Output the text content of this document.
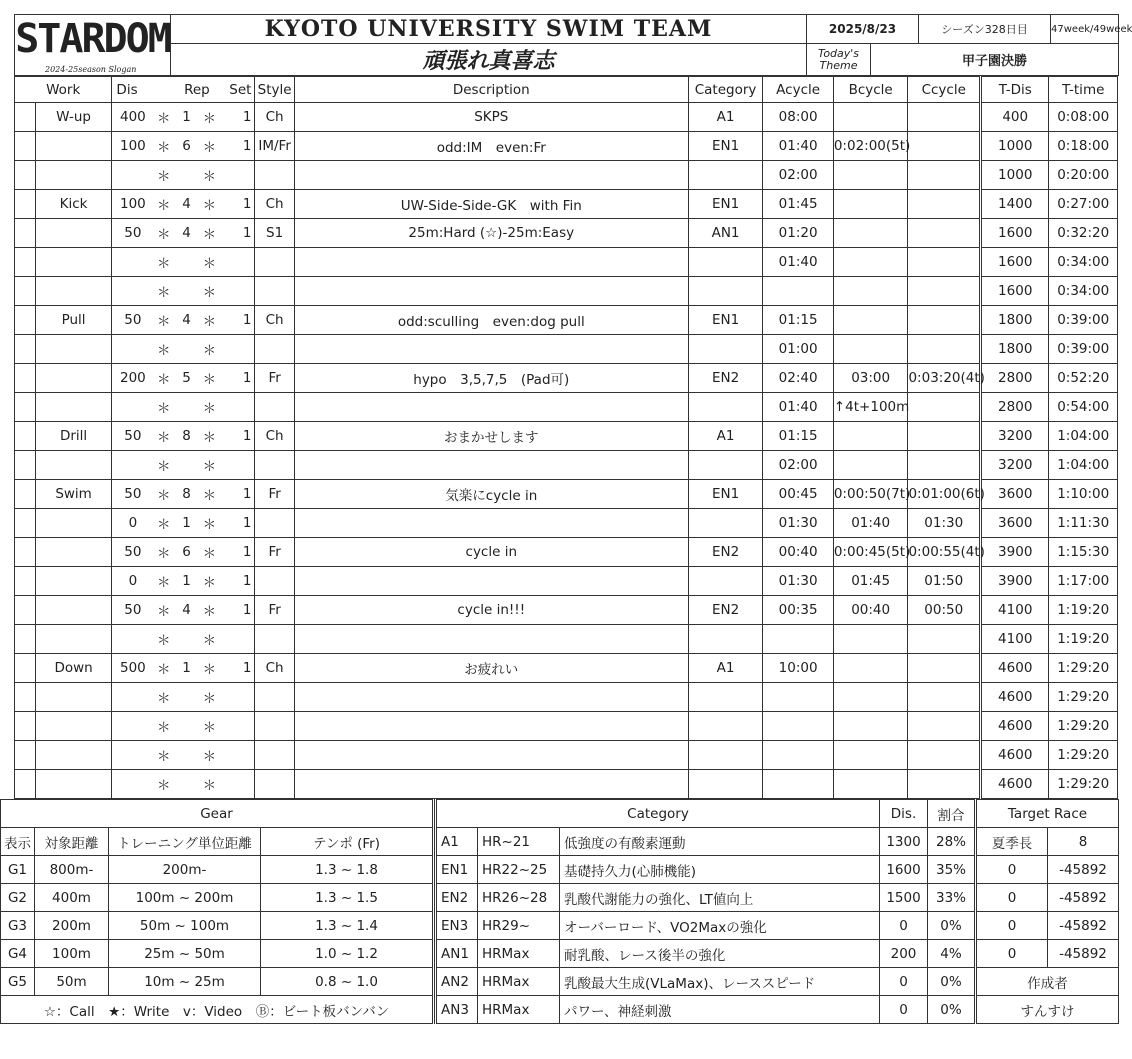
STARDOM
2024-25season Slogan	KYOTO UNIVERSITY SWIM TEAM	2025/8/23		シーズン328日目	47week/49week
	頑張れ真喜志	Today's
Theme	甲子園決勝		
Work		Dis		Rep		Set	Style	Description	Category	Acycle	Bcycle	Ccycle	T-Dis	T-time
	W-up	400	＊	1	＊	1	Ch	SKPS	A1	08:00			400	0:08:00
		100	＊	6	＊	1	IM/Fr	odd:IM　even:Fr	EN1	01:40	0:02:00(5t)		1000	0:18:00
			＊		＊					02:00			1000	0:20:00
	Kick	100	＊	4	＊	1	Ch	UW-Side-Side-GK　with Fin	EN1	01:45			1400	0:27:00
		50	＊	4	＊	1	S1	25m:Hard (☆)-25m:Easy	AN1	01:20			1600	0:32:20
			＊		＊					01:40			1600	0:34:00
			＊		＊								1600	0:34:00
	Pull	50	＊	4	＊	1	Ch	odd:sculling　even:dog pull	EN1	01:15			1800	0:39:00
			＊		＊					01:00			1800	0:39:00
		200	＊	5	＊	1	Fr	hypo　3,5,7,5　(Pad可)	EN2	02:40	03:00	0:03:20(4t)	2800	0:52:20
			＊		＊					01:40	↑4t+100m		2800	0:54:00
	Drill	50	＊	8	＊	1	Ch	おまかせします	A1	01:15			3200	1:04:00
			＊		＊					02:00			3200	1:04:00
	Swim	50	＊	8	＊	1	Fr	気楽にcycle in	EN1	00:45	0:00:50(7t)	0:01:00(6t)	3600	1:10:00
		0	＊	1	＊	1				01:30	01:40	01:30	3600	1:11:30
		50	＊	6	＊	1	Fr	cycle in	EN2	00:40	0:00:45(5t)	0:00:55(4t)	3900	1:15:30
		0	＊	1	＊	1				01:30	01:45	01:50	3900	1:17:00
		50	＊	4	＊	1	Fr	cycle in!!!	EN2	00:35	00:40	00:50	4100	1:19:20
			＊		＊								4100	1:19:20
	Down	500	＊	1	＊	1	Ch	お疲れい	A1	10:00			4600	1:29:20
			＊		＊								4600	1:29:20
			＊		＊								4600	1:29:20
			＊		＊								4600	1:29:20
			＊		＊								4600	1:29:20
Gear			
表示	対象距離	トレーニング単位距離	テンポ (Fr)
G1	800m-	200m-	1.3 ~ 1.8
G2	400m	100m ~ 200m	1.3 ~ 1.5
G3	200m	50m ~ 100m	1.3 ~ 1.4
G4	100m	25m ~ 50m	1.0 ~ 1.2
G5	50m	10m ~ 25m	0.8 ~ 1.0
☆：Call　★：Write　v：Video　Ⓑ：ビート板バンバン			
Category			Dis.	割合
A1	HR~21	低強度の有酸素運動	1300	28%
EN1	HR22~25	基礎持久力(心肺機能)	1600	35%
EN2	HR26~28	乳酸代謝能力の強化、LT値向上	1500	33%
EN3	HR29~	オーバーロード、VO2Maxの強化	0	0%
AN1	HRMax	耐乳酸、レース後半の強化	200	4%
AN2	HRMax	乳酸最大生成(VLaMax)、レーススピード	0	0%
AN3	HRMax	パワー、神経刺激	0	0%
Target Race	
夏季長	8
0	-45892
0	-45892
0	-45892
0	-45892
作成者	
すんすけ	
